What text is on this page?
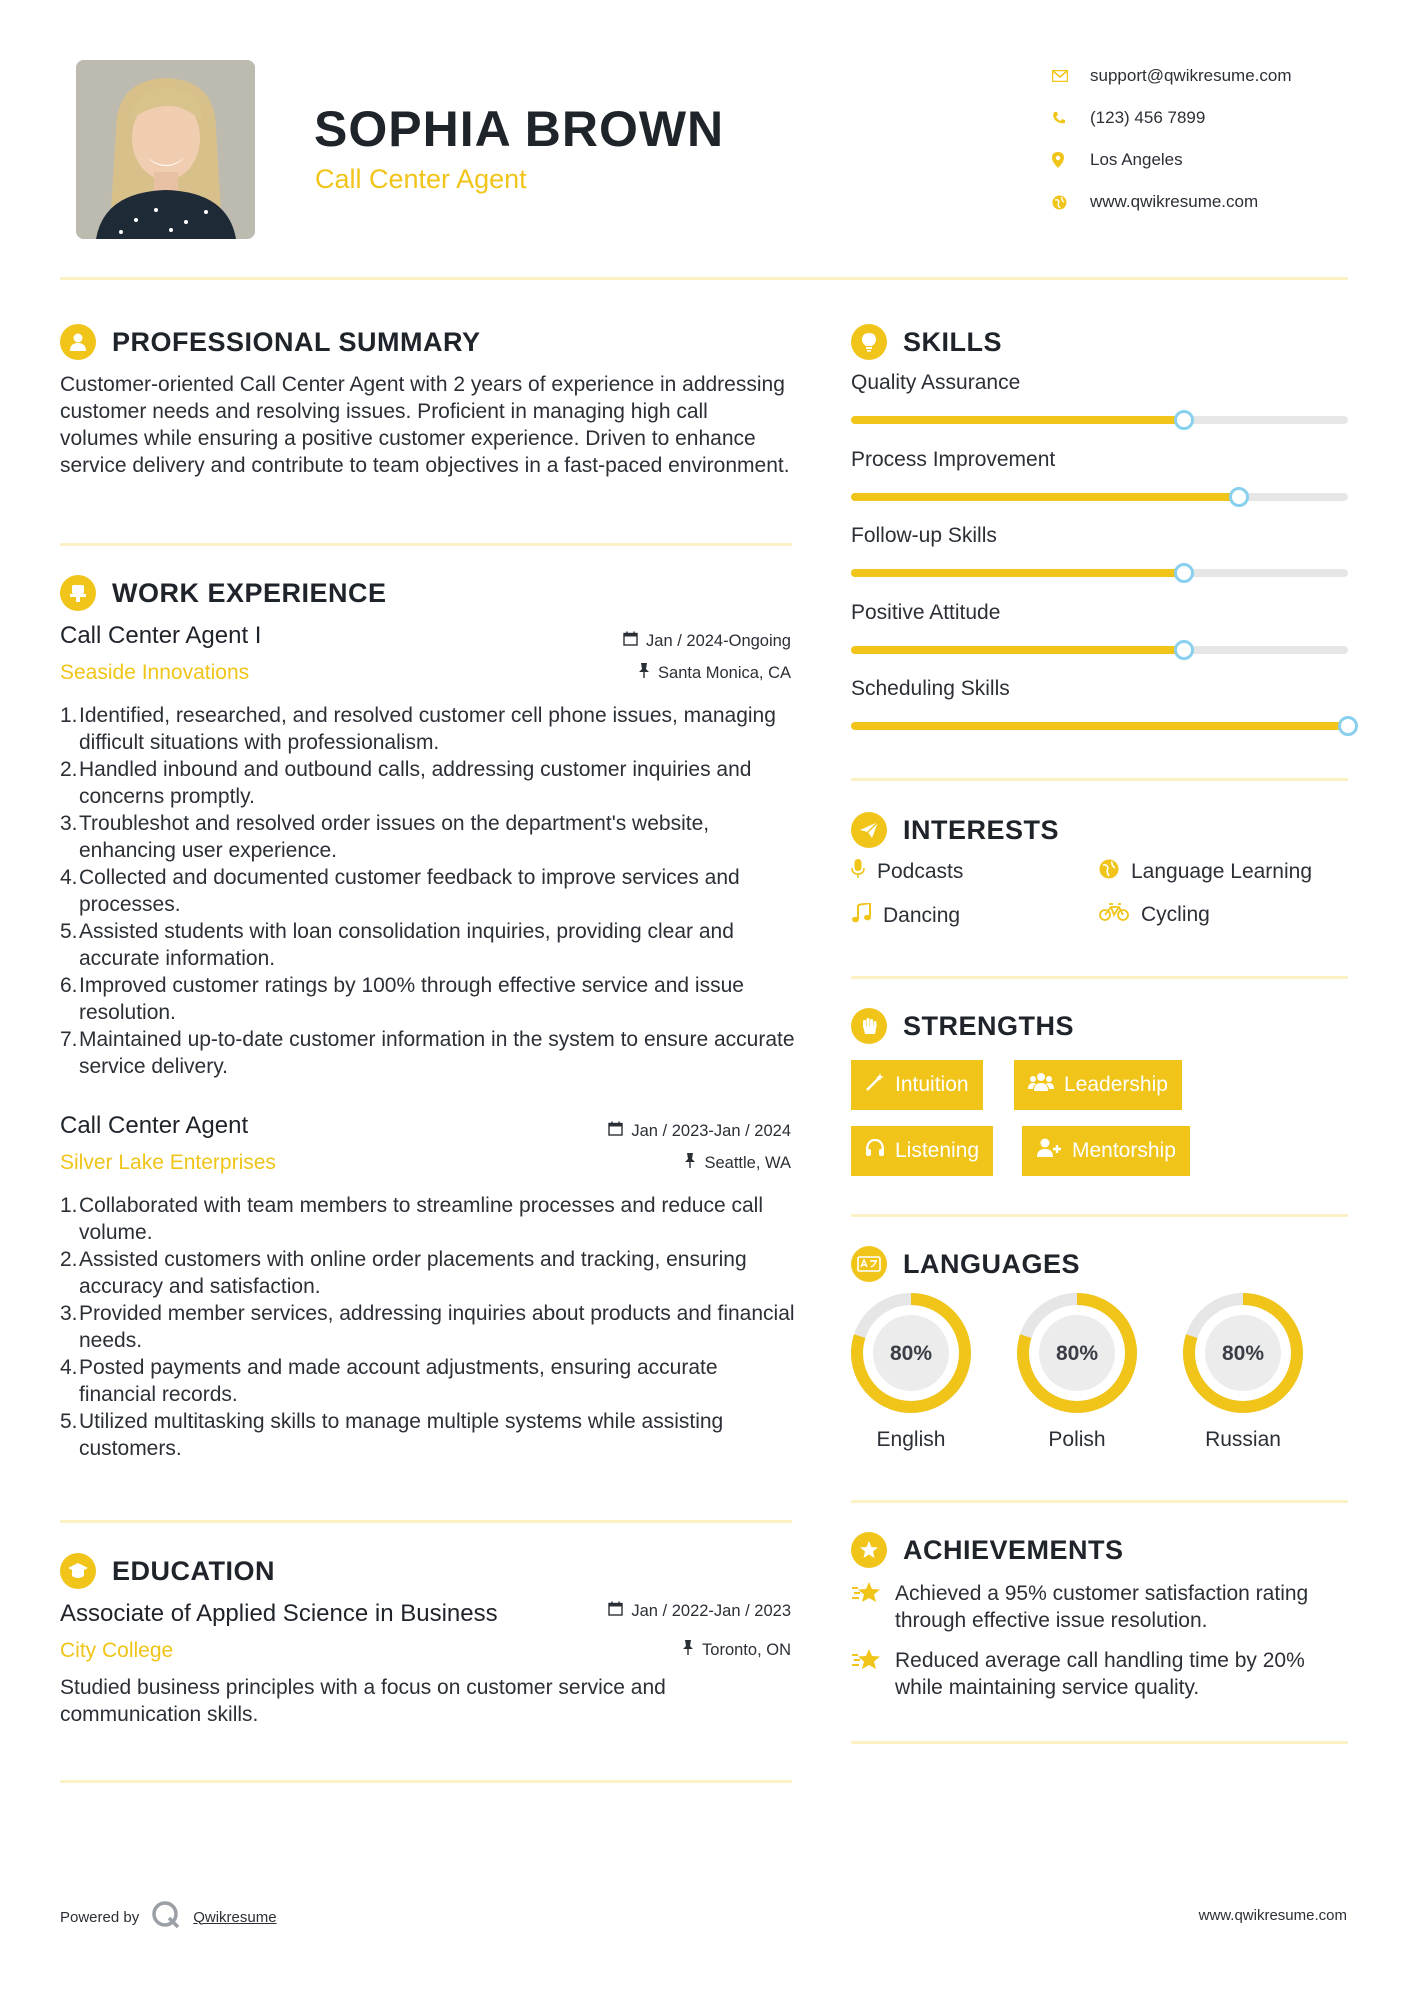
SOPHIA BROWN
Call Center Agent
support@qwikresume.com
(123) 456 7899
Los Angeles
www.qwikresume.com
PROFESSIONAL SUMMARY
Customer-oriented Call Center Agent with 2 years of experience in addressing customer needs and resolving issues. Proficient in managing high call volumes while ensuring a positive customer experience. Driven to enhance service delivery and contribute to team objectives in a fast-paced environment.
WORK EXPERIENCE
Call Center Agent I	Jan / 2024-Ongoing
Seaside Innovations	Santa Monica, CA
1. Identified, researched, and resolved customer cell phone issues, managing difficult situations with professionalism.
2. Handled inbound and outbound calls, addressing customer inquiries and concerns promptly.
3. Troubleshot and resolved order issues on the department's website, enhancing user experience.
4. Collected and documented customer feedback to improve services and processes.
5. Assisted students with loan consolidation inquiries, providing clear and accurate information.
6. Improved customer ratings by 100% through effective service and issue resolution.
7. Maintained up-to-date customer information in the system to ensure accurate service delivery.
Call Center Agent	Jan / 2023-Jan / 2024
Silver Lake Enterprises	Seattle, WA
1. Collaborated with team members to streamline processes and reduce call volume.
2. Assisted customers with online order placements and tracking, ensuring accuracy and satisfaction.
3. Provided member services, addressing inquiries about products and financial needs.
4. Posted payments and made account adjustments, ensuring accurate financial records.
5. Utilized multitasking skills to manage multiple systems while assisting customers.
EDUCATION
Associate of Applied Science in Business	Jan / 2022-Jan / 2023
City College	Toronto, ON
Studied business principles with a focus on customer service and communication skills.
SKILLS
Quality Assurance
Process Improvement
Follow-up Skills
Positive Attitude
Scheduling Skills
INTERESTS
Podcasts	Language Learning
Dancing	Cycling
STRENGTHS
Intuition	Leadership
Listening	Mentorship
LANGUAGES
80%
English
80%
Polish
80%
Russian
ACHIEVEMENTS
Achieved a 95% customer satisfaction rating through effective issue resolution.
Reduced average call handling time by 20% while maintaining service quality.
Powered by	Qwikresume	www.qwikresume.com
